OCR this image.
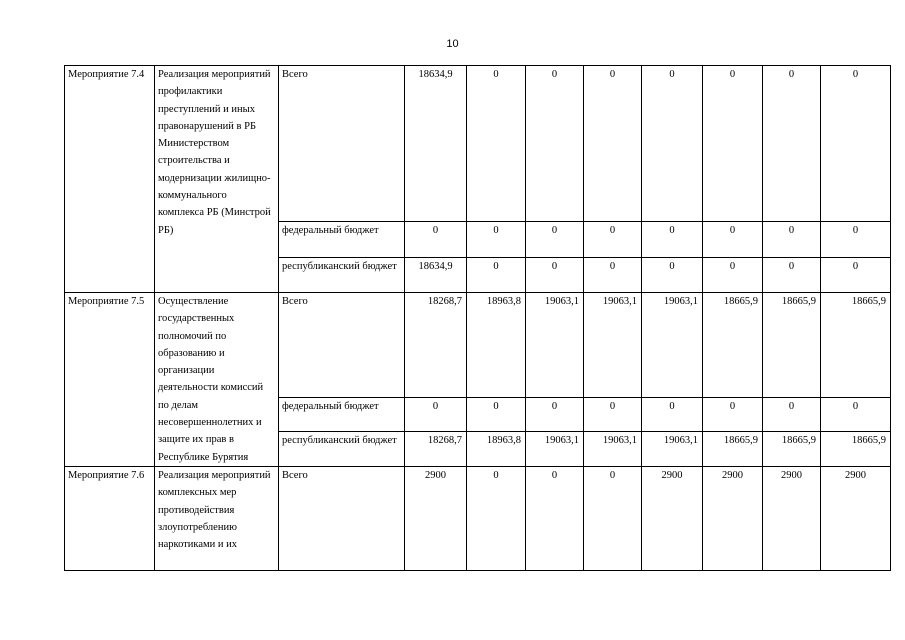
10
Мероприятие 7.4	Реализация мероприятий профилактики преступлений и иных правонарушений в РБ Министерством строительства и модернизации жилищно-коммунального комплекса РБ (Минстрой РБ)	Всего	18634,9	0	0	0	0	0	0	0
		федеральный бюджет	0	0	0	0	0	0	0	0
		республиканский бюджет	18634,9	0	0	0	0	0	0	0
Мероприятие 7.5	Осуществление государственных полномочий по образованию и организации деятельности комиссий по делам несовершеннолетних и защите их прав в Республике Бурятия	Всего	18268,7	18963,8	19063,1	19063,1	19063,1	18665,9	18665,9	18665,9
		федеральный бюджет	0	0	0	0	0	0	0	0
		республиканский бюджет	18268,7	18963,8	19063,1	19063,1	19063,1	18665,9	18665,9	18665,9
Мероприятие 7.6	Реализация мероприятий комплексных мер противодействия злоупотреблению наркотиками и их	Всего	2900	0	0	0	2900	2900	2900	2900
